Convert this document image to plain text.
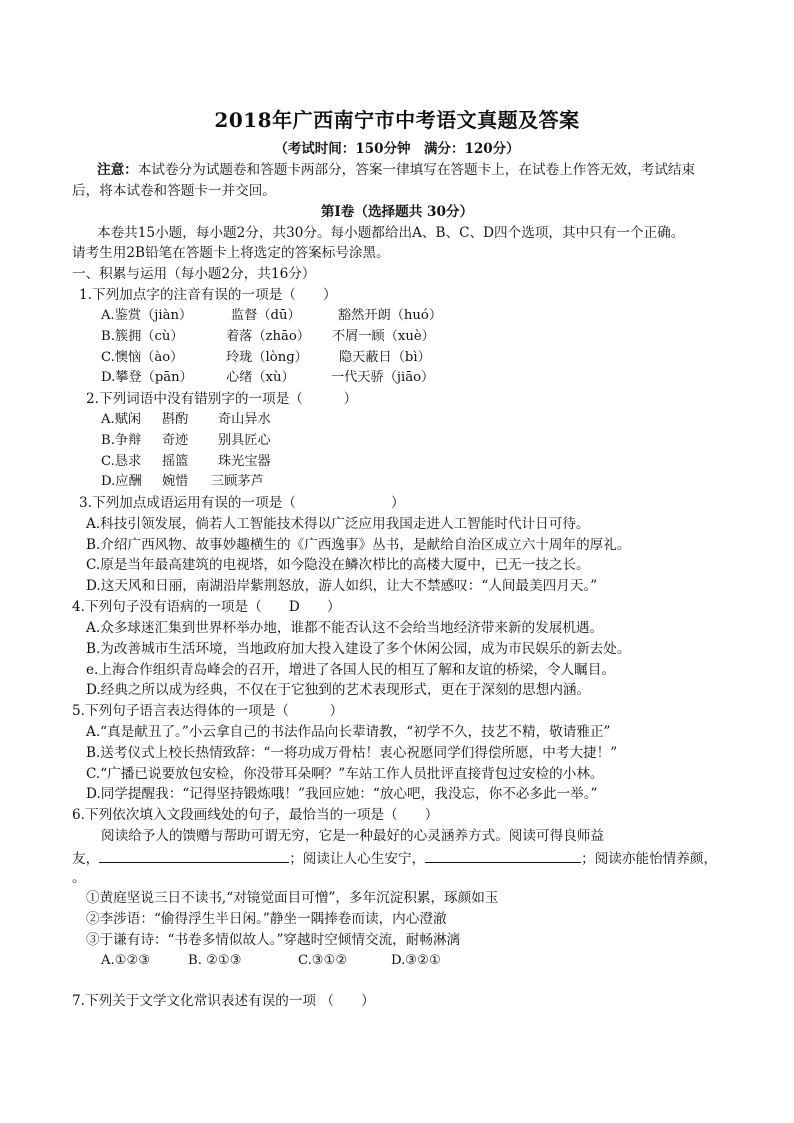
2018年广西南宁市中考语文真题及答案
（考试时间：150分钟　满分：120分）
注意：本试卷分为试题卷和答题卡两部分，答案一律填写在答题卡上，在试卷上作答无效，考试结束
后，将本试卷和答题卡一并交回。
第Ⅰ卷（选择题共 30分）
本卷共15小题，每小题2分，共30分。每小题都给出A、B、C、D四个选项，其中只有一个正确。
请考生用2B铅笔在答题卡上将选定的答案标号涂黑。
一、积累与运用（每小题2分，共16分）
1.下列加点字的注音有误的一项是（　　）
A.鉴赏（jiàn）	监督（dū）	豁然开朗（huó）
B.簇拥（cù）	着落（zhāo） 不屑一顾（xuè）
C.懊恼（ào）	玲珑（lònɡ） 隐天蔽日（bì）
D.攀登（pān）	心绪（xù）	一代天骄（jiāo）
2.下列词语中没有错别字的一项是（　　　）
A.赋闲 斟酌 奇山异水
B.争辩 奇迹 别具匠心
C.恳求 摇篮 珠光宝器
D.应酬 婉惜 三顾茅芦
3.下列加点成语运用有误的一项是（　　　　　　　）
A.科技引领发展，倘若人工智能技术得以广泛应用我国走进人工智能时代计日可待。
B.介绍广西风物、故事妙趣横生的《广西逸事》丛书，是献给自治区成立六十周年的厚礼。
C.原是当年最高建筑的电视塔，如今隐没在鳞次栉比的高楼大厦中，已无一技之长。
D.这天风和日丽，南湖沿岸紫荆怒放，游人如织，让大不禁感叹：“人间最美四月天。”
4.下列句子没有语病的一项是（　　D　　）
A.众多球迷汇集到世界杯举办地，谁都不能否认这不会给当地经济带来新的发展机遇。
B.为改善城市生活环境，当地政府加大投入建设了多个休闲公园，成为市民娱乐的新去处。
e.上海合作组织青岛峰会的召开，增进了各国人民的相互了解和友谊的桥梁，令人瞩目。
D.经典之所以成为经典，不仅在于它独到的艺术表现形式，更在于深刻的思想内涵。
5.下列句子语言表达得体的一项是（　　　）
A.“真是献丑了。”小云拿自己的书法作品向长辈请教，“初学不久，技艺不精，敬请雅正”
B.送考仪式上校长热情致辞：“一将功成万骨枯！衷心祝愿同学们得偿所愿，中考大捷！”
C.“广播已说要放包安检，你没带耳朵啊？”车站工作人员批评直接背包过安检的小林。
D.同学提醒我：“记得坚持锻炼哦！”我回应她：“放心吧，我没忘，你不必多此一举。”
6.下列依次填入文段画线处的句子，最恰当的一项是（　　）
阅读给予人的馈赠与帮助可谓无穷，它是一种最好的心灵涵养方式。阅读可得良师益
友，	；阅读让人心生安宁，	；阅读亦能怡情养颜，
。
①黄庭坚说三日不读书,“对镜觉面目可憎”，多年沉淀积累，琢颜如玉
②李涉语：“偷得浮生半日闲。”静坐一隅捧卷而读，内心澄澈
③于谦有诗：“书卷多情似故人。”穿越时空倾情交流，耐畅淋漓
A.①②③	B. ②①③	C.③①②	D.③②①
7.下列关于文学文化常识表述有误的一项 （　　）
